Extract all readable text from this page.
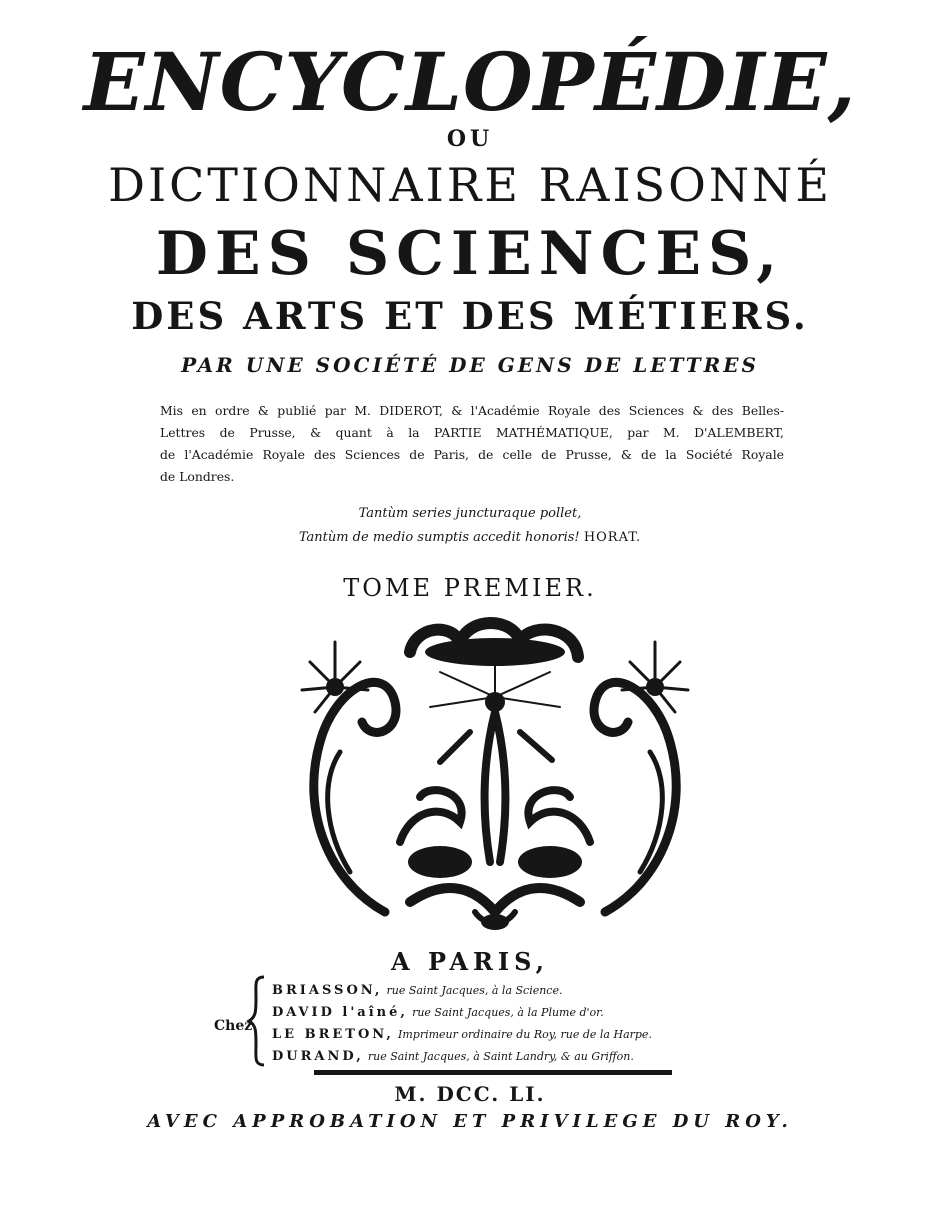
ENCYCLOPÉDIE,
OU
DICTIONNAIRE RAISONNÉ
DES SCIENCES,
DES ARTS ET DES MÉTIERS.
PAR UNE SOCIÉTÉ DE GENS DE LETTRES
Mis en ordre & publié par M. DIDEROT, & l'Académie Royale des Sciences & des Belles-
Lettres de Prusse, & quant à la PARTIE MATHÉMATIQUE, par M. D'ALEMBERT,
de l'Académie Royale des Sciences de Paris, de celle de Prusse, & de la Société Royale
de Londres.
Tantùm series juncturaque pollet,
Tantùm de medio sumptis accedit honoris! HORAT.
TOME PREMIER.
A PARIS,
Chez
BRIASSON, rue Saint Jacques, à la Science.
DAVID l'aîné, rue Saint Jacques, à la Plume d'or.
LE BRETON, Imprimeur ordinaire du Roy, rue de la Harpe.
DURAND, rue Saint Jacques, à Saint Landry, & au Griffon.
M. DCC. LI.
AVEC APPROBATION ET PRIVILEGE DU ROY.
